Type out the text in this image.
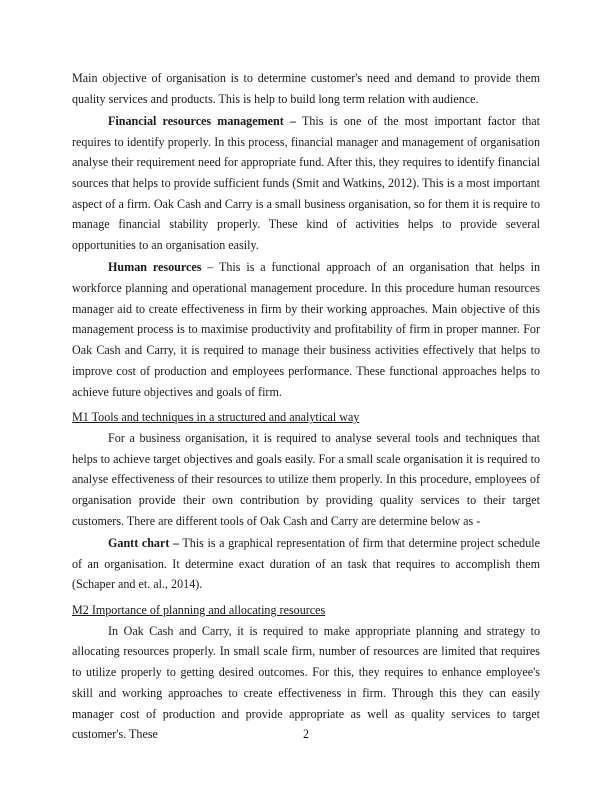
Main objective of organisation is to determine customer's need and demand to provide them quality services and products. This is help to build long term relation with audience.

Financial resources management – This is one of the most important factor that requires to identify properly. In this process, financial manager and management of organisation analyse their requirement need for appropriate fund. After this, they requires to identify financial sources that helps to provide sufficient funds (Smit and Watkins, 2012). This is a most important aspect of a firm. Oak Cash and Carry is a small business organisation, so for them it is require to manage financial stability properly. These kind of activities helps to provide several opportunities to an organisation easily.

Human resources – This is a functional approach of an organisation that helps in workforce planning and operational management procedure. In this procedure human resources manager aid to create effectiveness in firm by their working approaches. Main objective of this management process is to maximise productivity and profitability of firm in proper manner. For Oak Cash and Carry, it is required to manage their business activities effectively that helps to improve cost of production and employees performance. These functional approaches helps to achieve future objectives and goals of firm.

M1 Tools and techniques in a structured and analytical way

For a business organisation, it is required to analyse several tools and techniques that helps to achieve target objectives and goals easily. For a small scale organisation it is required to analyse effectiveness of their resources to utilize them properly. In this procedure, employees of organisation provide their own contribution by providing quality services to their target customers. There are different tools of Oak Cash and Carry are determine below as -

Gantt chart – This is a graphical representation of firm that determine project schedule of an organisation. It determine exact duration of an task that requires to accomplish them (Schaper and et. al., 2014).

M2 Importance of planning and allocating resources

In Oak Cash and Carry, it is required to make appropriate planning and strategy to allocating resources properly. In small scale firm, number of resources are limited that requires to utilize properly to getting desired outcomes. For this, they requires to enhance employee's skill and working approaches to create effectiveness in firm. Through this they can easily manager cost of production and provide appropriate as well as quality services to target customer's. These	2
